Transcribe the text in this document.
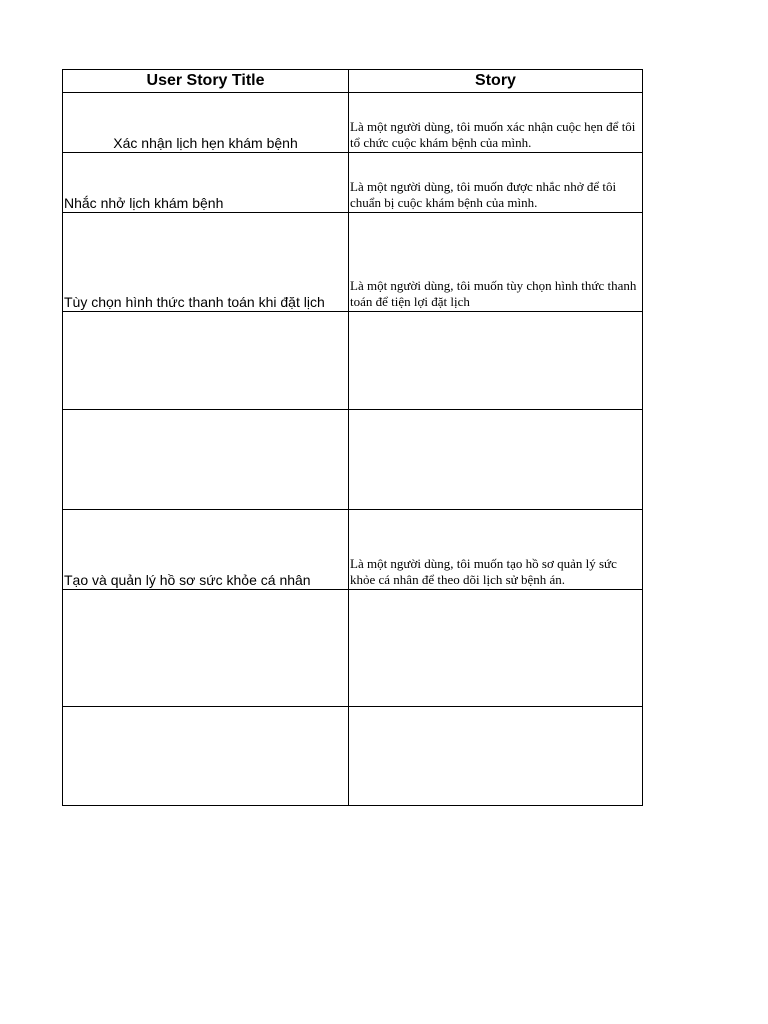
User Story Title	Story
Xác nhận lịch hẹn khám bệnh	Là một người dùng, tôi muốn xác nhận cuộc hẹn để tôi tổ chức cuộc khám bệnh của mình.
Nhắc nhở lịch khám bệnh	Là một người dùng, tôi muốn được nhắc nhở để tôi chuẩn bị cuộc khám bệnh của mình.
Tùy chọn hình thức thanh toán khi đặt lịch	Là một người dùng, tôi muốn tùy chọn hình thức thanh toán để tiện lợi đặt lịch

Tạo và quản lý hồ sơ sức khỏe cá nhân	Là một người dùng, tôi muốn tạo hồ sơ quản lý sức khỏe cá nhân để theo dõi lịch sử bệnh án.
